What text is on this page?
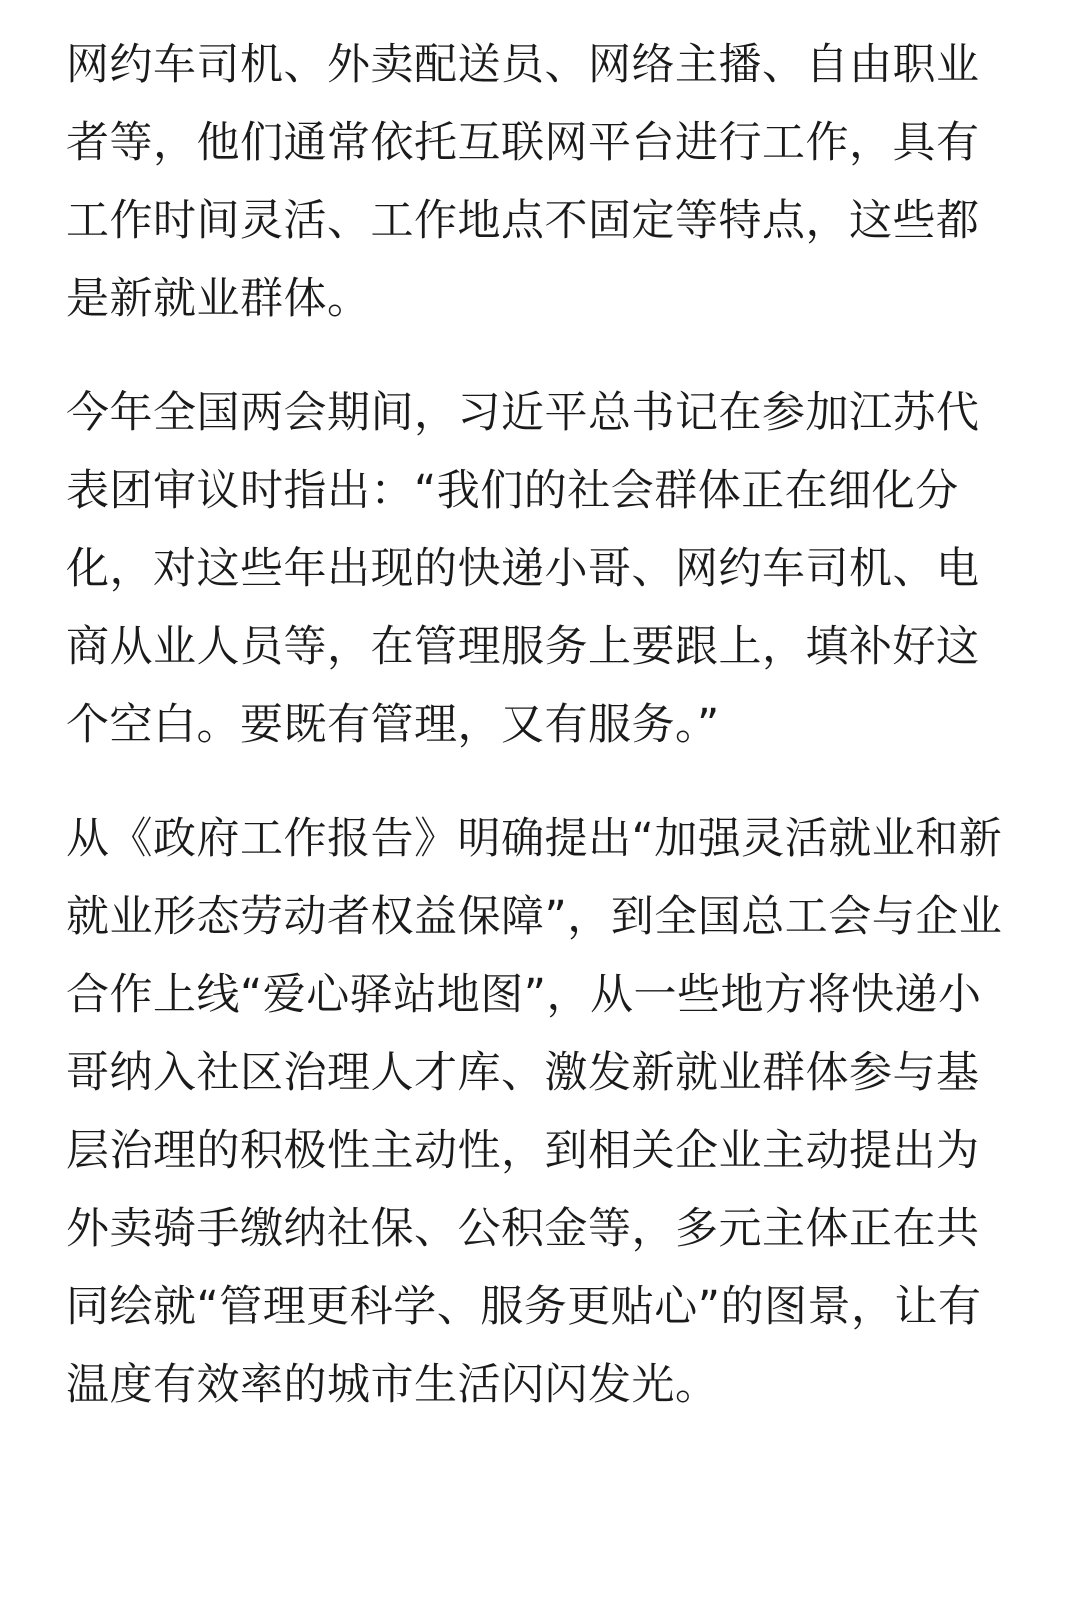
网约车司机、外卖配送员、网络主播、自由职业
者等，他们通常依托互联网平台进行工作，具有
工作时间灵活、工作地点不固定等特点，这些都
是新就业群体。
今年全国两会期间，习近平总书记在参加江苏代
表团审议时指出：“我们的社会群体正在细化分
化，对这些年出现的快递小哥、网约车司机、电
商从业人员等，在管理服务上要跟上，填补好这
个空白。要既有管理，又有服务。”
从《政府工作报告》明确提出“加强灵活就业和新
就业形态劳动者权益保障”，到全国总工会与企业
合作上线“爱心驿站地图”，从一些地方将快递小
哥纳入社区治理人才库、激发新就业群体参与基
层治理的积极性主动性，到相关企业主动提出为
外卖骑手缴纳社保、公积金等，多元主体正在共
同绘就“管理更科学、服务更贴心”的图景，让有
温度有效率的城市生活闪闪发光。
